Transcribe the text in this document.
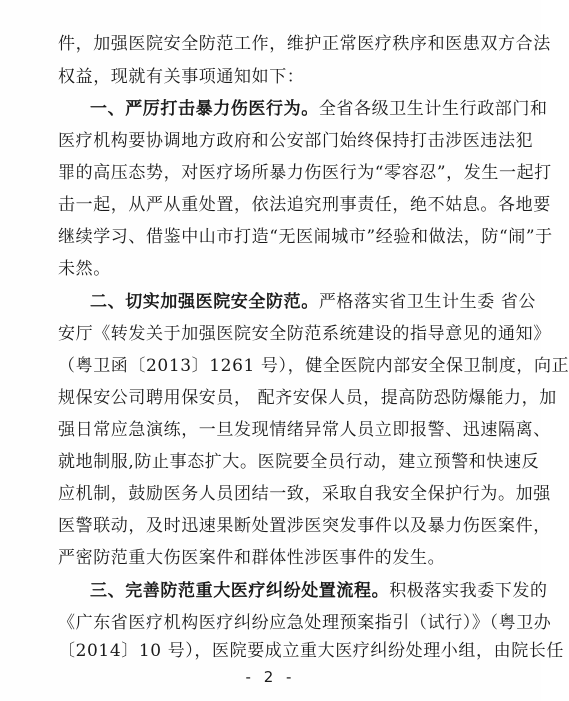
件，加强医院安全防范工作，维护正常医疗秩序和医患双方合法
权益，现就有关事项通知如下：
一、严厉打击暴力伤医行为。全省各级卫生计生行政部门和
医疗机构要协调地方政府和公安部门始终保持打击涉医违法犯
罪的高压态势，对医疗场所暴力伤医行为“零容忍”，发生一起打
击一起，从严从重处置，依法追究刑事责任，绝不姑息。各地要
继续学习、借鉴中山市打造“无医闹城市”经验和做法，防“闹”于
未然。
二、切实加强医院安全防范。严格落实省卫生计生委 省公
安厅《转发关于加强医院安全防范系统建设的指导意见的通知》
（粤卫函〔2013〕1261 号），健全医院内部安全保卫制度，向正
规保安公司聘用保安员， 配齐安保人员，提高防恐防爆能力，加
强日常应急演练，一旦发现情绪异常人员立即报警、迅速隔离、
就地制服,防止事态扩大。医院要全员行动，建立预警和快速反
应机制，鼓励医务人员团结一致，采取自我安全保护行为。加强
医警联动，及时迅速果断处置涉医突发事件以及暴力伤医案件，
严密防范重大伤医案件和群体性涉医事件的发生。
三、完善防范重大医疗纠纷处置流程。积极落实我委下发的
《广东省医疗机构医疗纠纷应急处理预案指引（试行）》（粤卫办
- 2 -
〔2014〕10 号），医院要成立重大医疗纠纷处理小组，由院长任
